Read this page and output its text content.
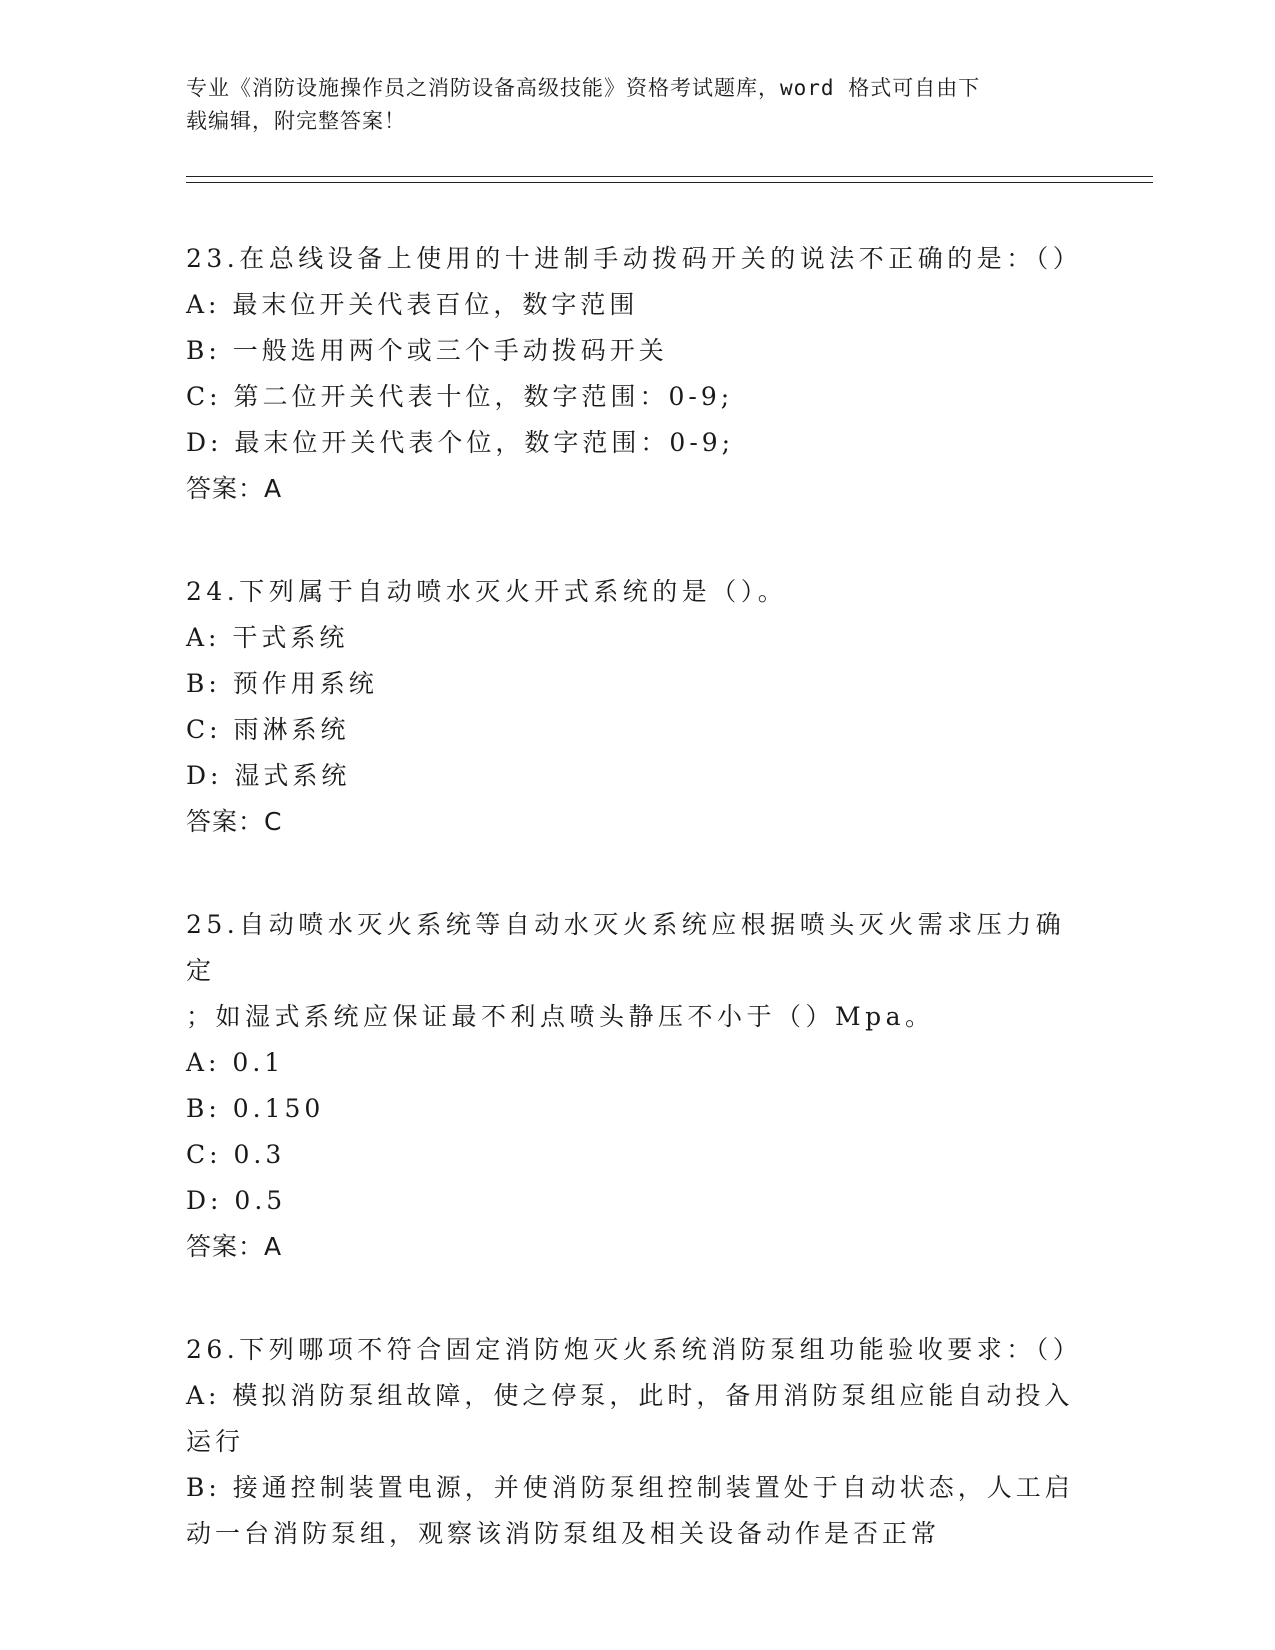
专业《消防设施操作员之消防设备高级技能》资格考试题库，word 格式可自由下
载编辑，附完整答案！
23.在总线设备上使用的十进制手动拨码开关的说法不正确的是：（）
A: 最末位开关代表百位，数字范围
B: 一般选用两个或三个手动拨码开关
C: 第二位开关代表十位，数字范围：0-9;
D: 最末位开关代表个位，数字范围：0-9;
答案：A
24.下列属于自动喷水灭火开式系统的是（）。
A: 干式系统
B: 预作用系统
C: 雨淋系统
D: 湿式系统
答案：C
25.自动喷水灭火系统等自动水灭火系统应根据喷头灭火需求压力确定
；如湿式系统应保证最不利点喷头静压不小于（）Mpa。
A: 0.1
B: 0.150
C: 0.3
D: 0.5
答案：A
26.下列哪项不符合固定消防炮灭火系统消防泵组功能验收要求：（）
A: 模拟消防泵组故障，使之停泵，此时，备用消防泵组应能自动投入
运行
B: 接通控制装置电源，并使消防泵组控制装置处于自动状态，人工启
动一台消防泵组，观察该消防泵组及相关设备动作是否正常
